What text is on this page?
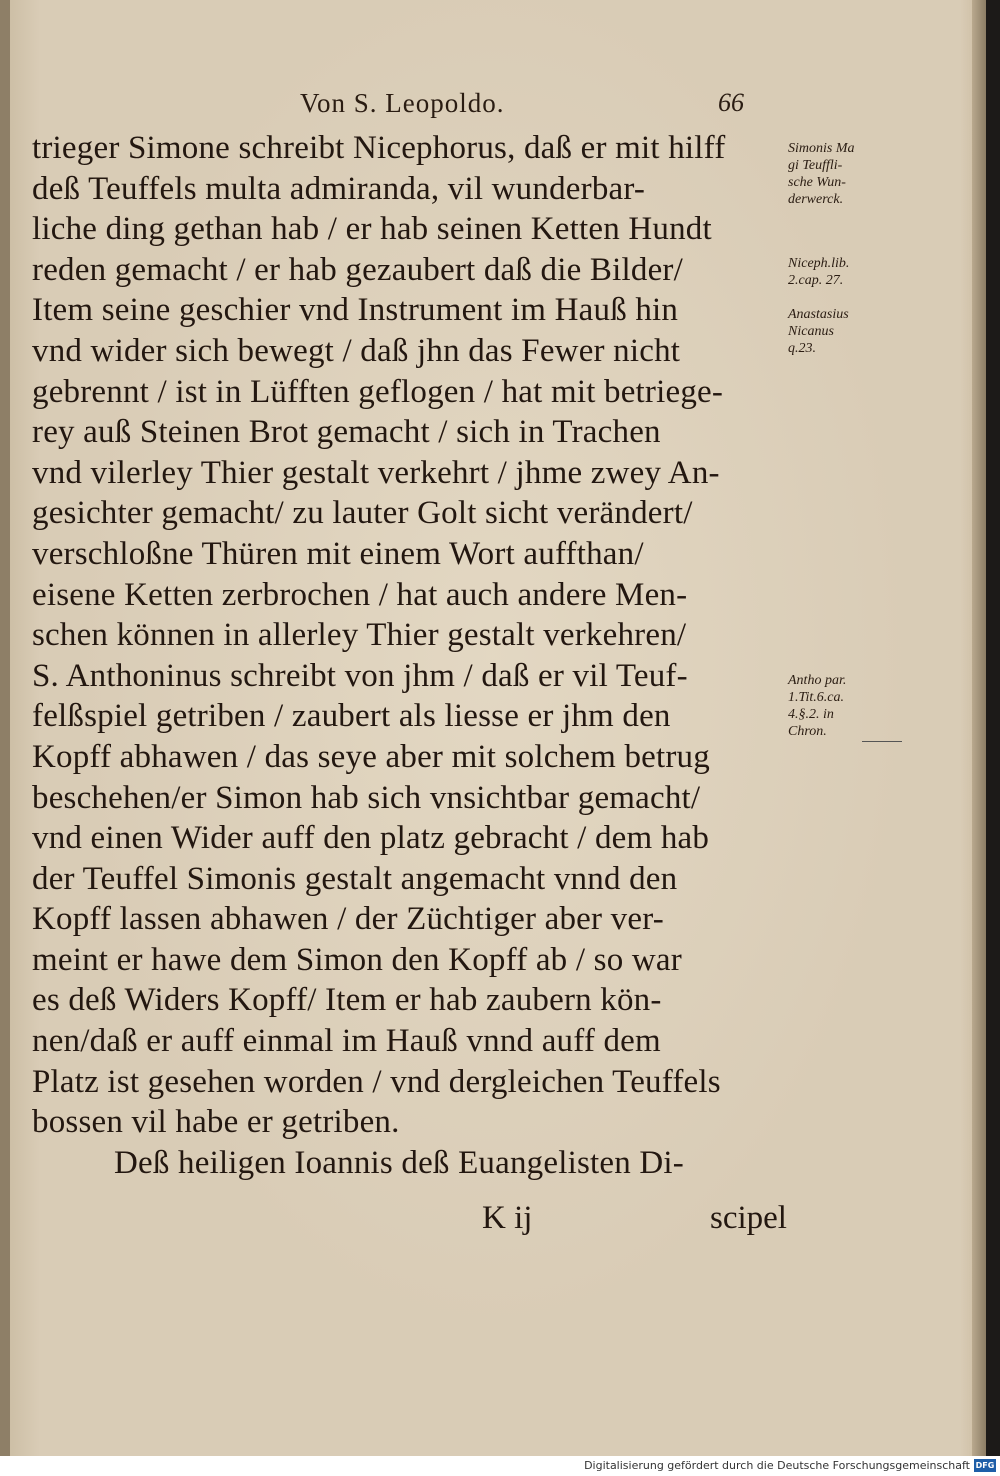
Von S. Leopoldo.	66
trieger Simone schreibt Nicephorus, daß er mit hilff
deß Teuffels multa admiranda, vil wunderbar-
liche ding gethan hab / er hab seinen Ketten Hundt
reden gemacht / er hab gezaubert daß die Bilder/
Item seine geschier vnd Instrument im Hauß hin
vnd wider sich bewegt / daß jhn das Fewer nicht
gebrennt / ist in Lüfften geflogen / hat mit betriege-
rey auß Steinen Brot gemacht / sich in Trachen
vnd vilerley Thier gestalt verkehrt / jhme zwey An-
gesichter gemacht/ zu lauter Golt sicht verändert/
verschloßne Thüren mit einem Wort auffthan/
eisene Ketten zerbrochen / hat auch andere Men-
schen können in allerley Thier gestalt verkehren/
S. Anthoninus schreibt von jhm / daß er vil Teuf-
felßspiel getriben / zaubert als liesse er jhm den
Kopff abhawen / das seye aber mit solchem betrug
beschehen/er Simon hab sich vnsichtbar gemacht/
vnd einen Wider auff den platz gebracht / dem hab
der Teuffel Simonis gestalt angemacht vnnd den
Kopff lassen abhawen / der Züchtiger aber ver-
meint er hawe dem Simon den Kopff ab / so war
es deß Widers Kopff/ Item er hab zaubern kön-
nen/daß er auff einmal im Hauß vnnd auff dem
Platz ist gesehen worden / vnd dergleichen Teuffels
bossen vil habe er getriben.
Deß heiligen Ioannis deß Euangelisten Di-
K ij	scipel
Simonis Ma
gi Teuffli-
sche Wun-
derwerck.
Niceph.lib.
2.cap. 27.
Anastasius
Nicanus
q.23.
Antho par.
1.Tit.6.ca.
4.§.2. in
Chron.
Digitalisierung gefördert durch die Deutsche Forschungsgemeinschaft DFG
